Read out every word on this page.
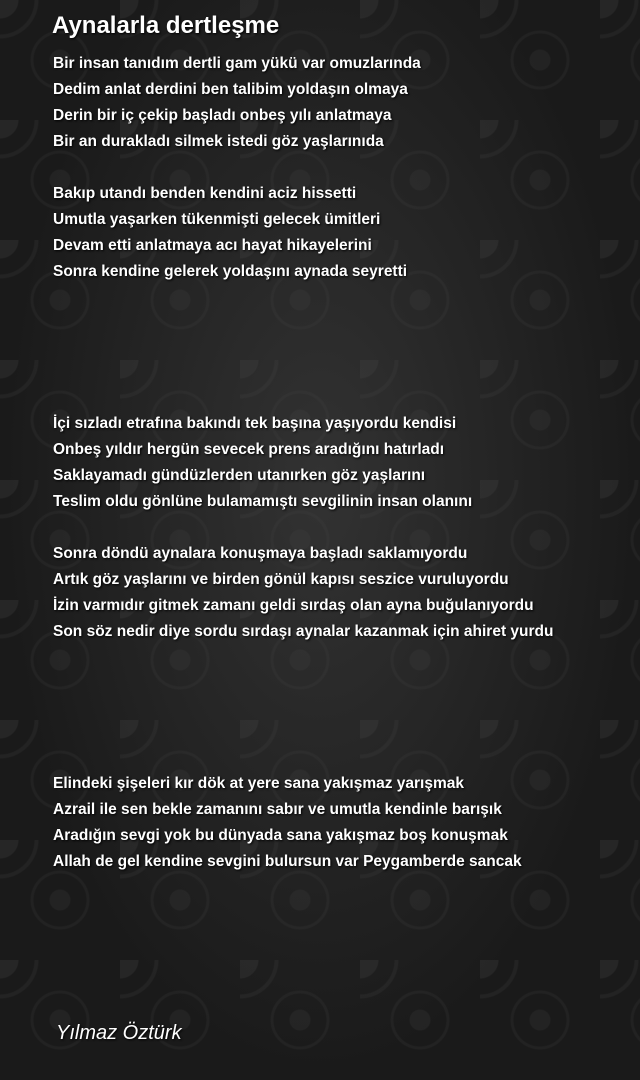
Aynalarla dertleşme
Bir insan tanıdım dertli gam yükü var omuzlarında
Dedim anlat derdini ben talibim yoldaşın olmaya
Derin bir iç çekip başladı onbeş yılı anlatmaya
Bir an durakladı silmek istedi göz yaşlarınıda
Bakıp utandı benden kendini aciz hissetti
Umutla yaşarken tükenmişti gelecek ümitleri
Devam etti anlatmaya acı hayat hikayelerini
Sonra kendine gelerek yoldaşını aynada seyretti
İçi sızladı etrafına bakındı tek başına yaşıyordu kendisi
Onbeş yıldır hergün sevecek prens aradığını hatırladı
Saklayamadı gündüzlerden utanırken göz yaşlarını
Teslim oldu gönlüne bulamamıştı sevgilinin insan olanını
Sonra döndü aynalara konuşmaya başladı saklamıyordu
Artık göz yaşlarını ve birden gönül kapısı seszice vuruluyordu
İzin varmıdır gitmek zamanı geldi sırdaş olan ayna buğulanıyordu
Son söz nedir diye sordu sırdaşı aynalar kazanmak için ahiret yurdu
Elindeki şişeleri kır dök at yere sana yakışmaz yarışmak
Azrail ile sen bekle zamanını sabır ve umutla kendinle barışık
Aradığın sevgi yok bu dünyada sana yakışmaz boş konuşmak
Allah de gel kendine sevgini bulursun var Peygamberde sancak
Yılmaz Öztürk
